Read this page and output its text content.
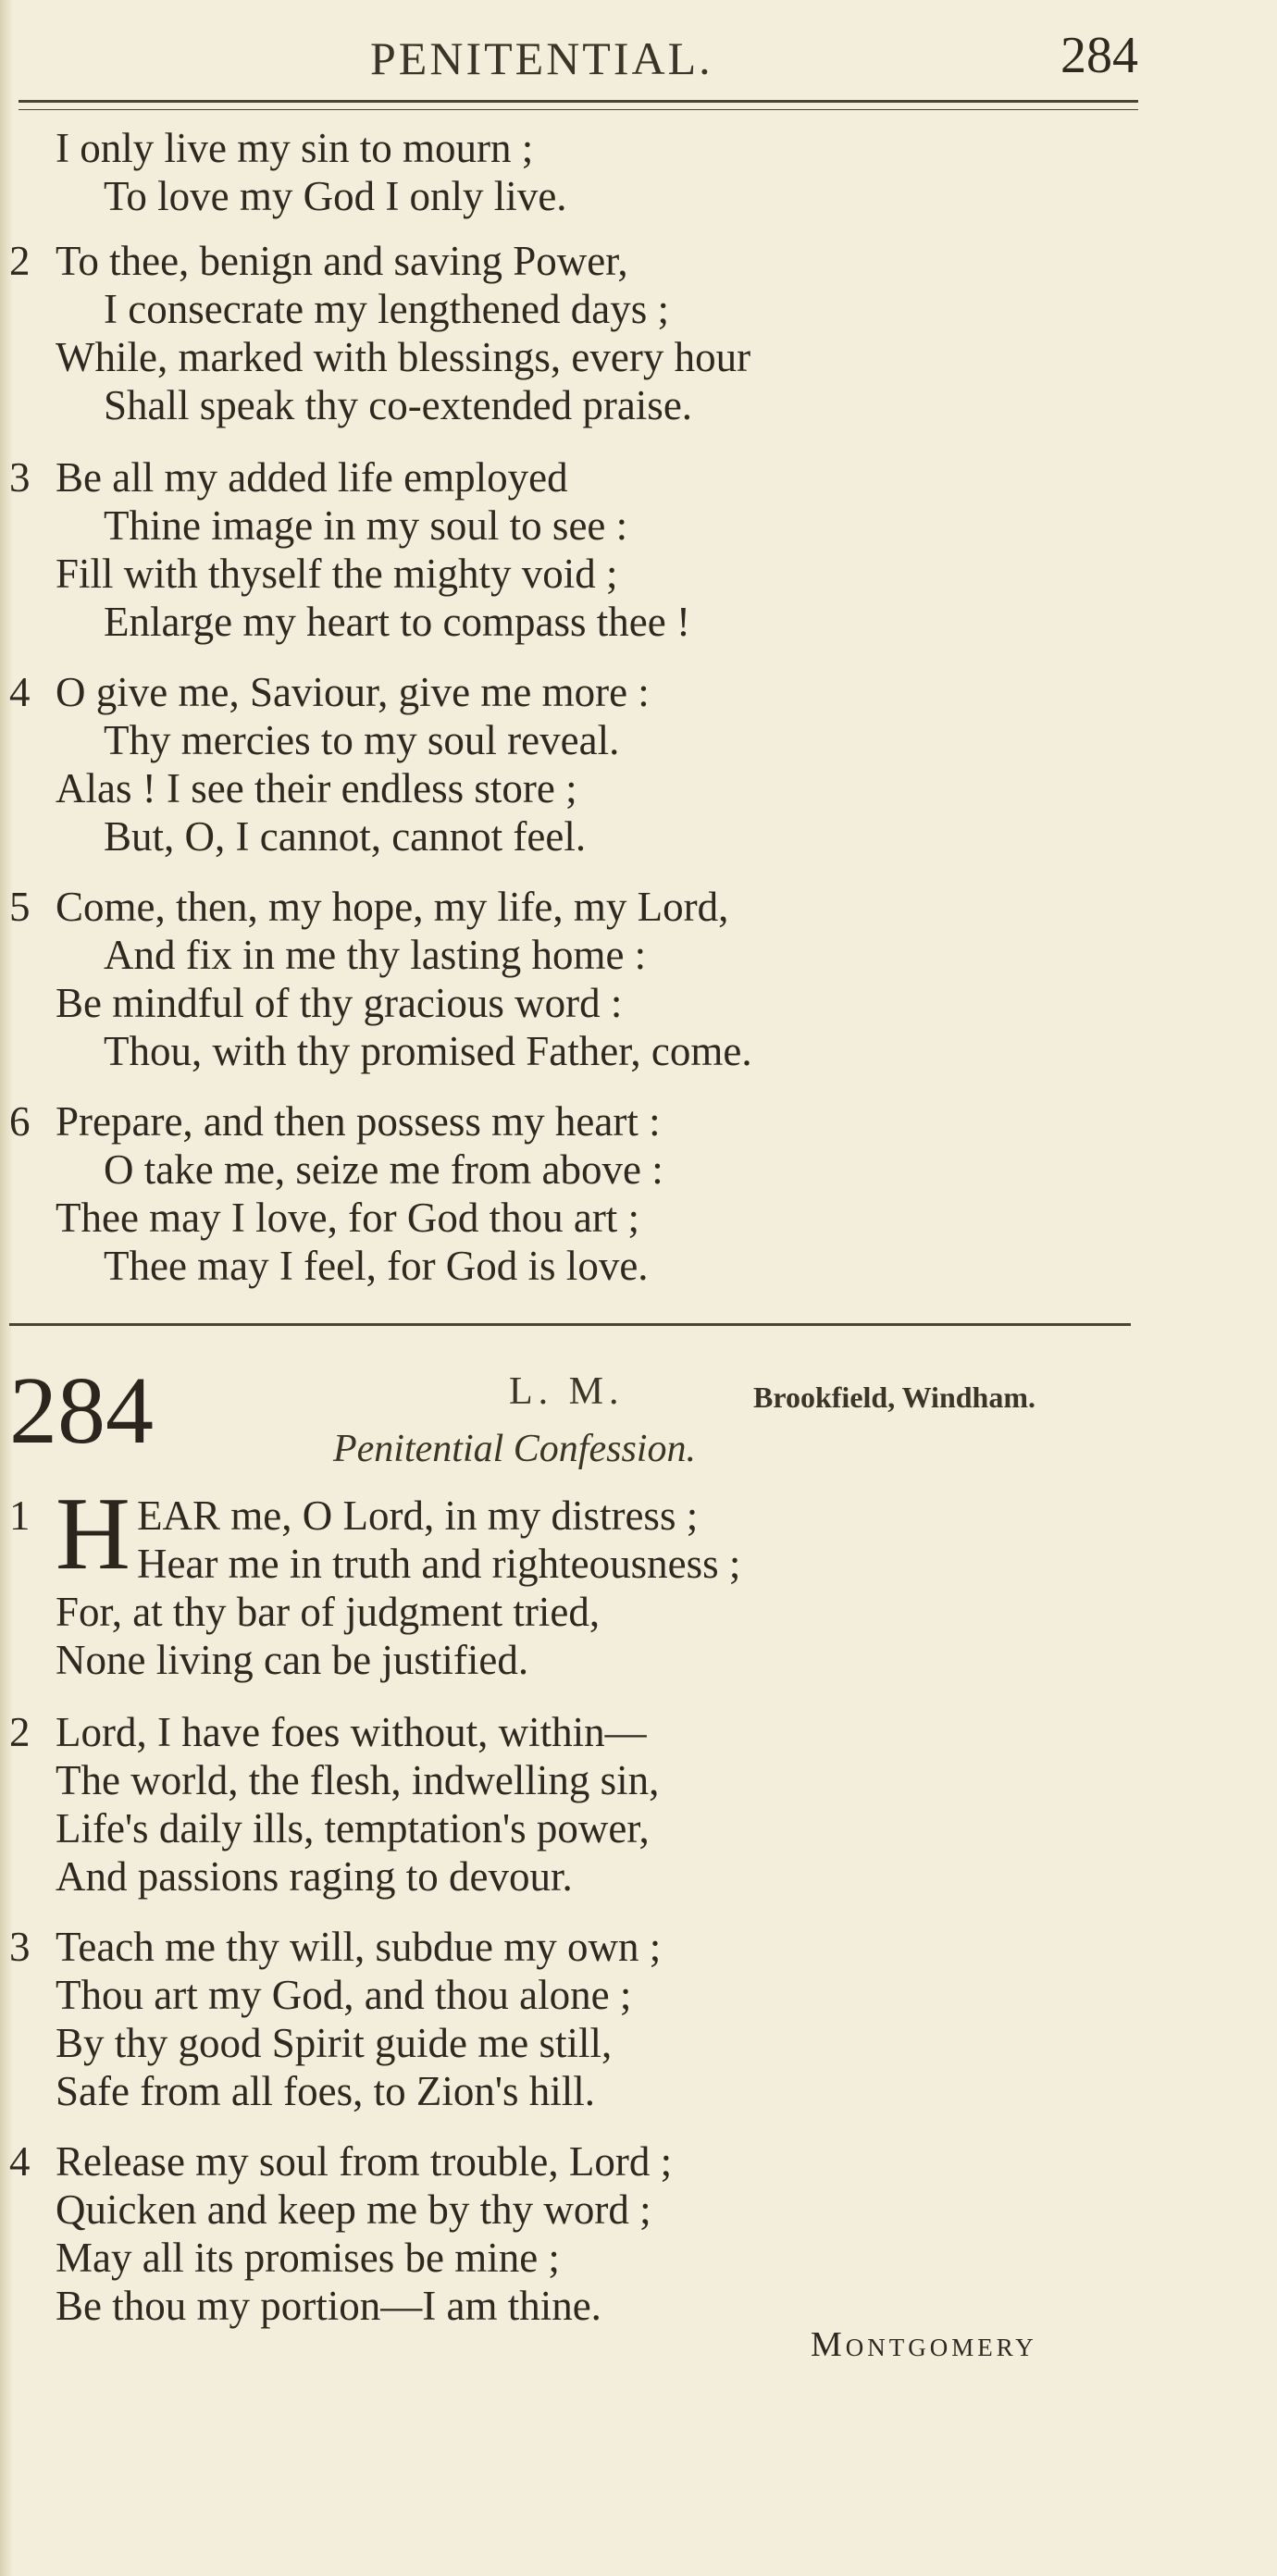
PENITENTIAL.	284
I only live my sin to mourn ;
To love my God I only live.
2 To thee, benign and saving Power,
I consecrate my lengthened days ;
While, marked with blessings, every hour
Shall speak thy co-extended praise.
3 Be all my added life employed
Thine image in my soul to see :
Fill with thyself the mighty void ;
Enlarge my heart to compass thee !
4 O give me, Saviour, give me more :
Thy mercies to my soul reveal.
Alas ! I see their endless store ;
But, O, I cannot, cannot feel.
5 Come, then, my hope, my life, my Lord,
And fix in me thy lasting home :
Be mindful of thy gracious word :
Thou, with thy promised Father, come.
6 Prepare, and then possess my heart :
O take me, seize me from above :
Thee may I love, for God thou art ;
Thee may I feel, for God is love.
284	L. M.	Brookfield, Windham.
Penitential Confession.
1 H EAR me, O Lord, in my distress ;
Hear me in truth and righteousness ;
For, at thy bar of judgment tried,
None living can be justified.
2 Lord, I have foes without, within—
The world, the flesh, indwelling sin,
Life's daily ills, temptation's power,
And passions raging to devour.
3 Teach me thy will, subdue my own ;
Thou art my God, and thou alone ;
By thy good Spirit guide me still,
Safe from all foes, to Zion's hill.
4 Release my soul from trouble, Lord ;
Quicken and keep me by thy word ;
May all its promises be mine ;
Be thou my portion—I am thine.
Montgomery
